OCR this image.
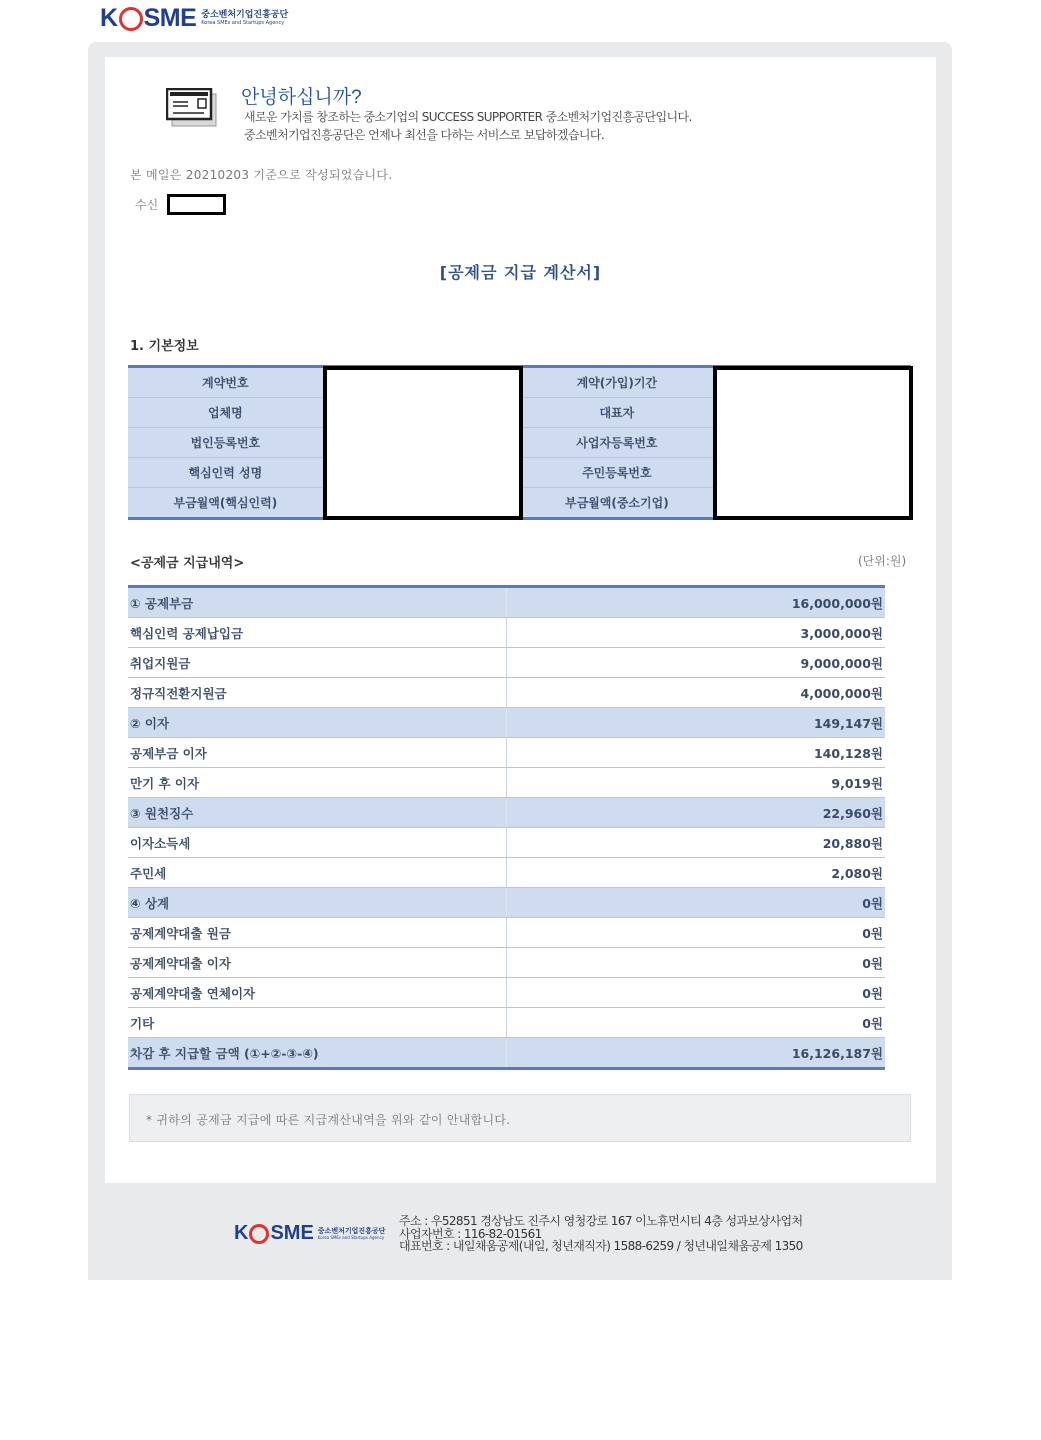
K SME 중소벤처기업진흥공단
Korea SMEs and Startups Agency
안녕하십니까?
새로운 가치를 창조하는 중소기업의 SUCCESS SUPPORTER 중소벤처기업진흥공단입니다.
중소벤처기업진흥공단은 언제나 최선을 다하는 서비스로 보답하겠습니다.
본 메일은 20210203 기준으로 작성되었습니다.
수신
[공제금 지급 계산서]
1. 기본정보
계약번호		계약(가입)기간	
업체명		대표자	
법인등록번호		사업자등록번호	
핵심인력 성명		주민등록번호	
부금월액(핵심인력)		부금월액(중소기업)	
<공제금 지급내역>	(단위:원)
① 공제부금	16,000,000원
핵심인력 공제납입금	3,000,000원
취업지원금	9,000,000원
정규직전환지원금	4,000,000원
② 이자	149,147원
공제부금 이자	140,128원
만기 후 이자	9,019원
③ 원천징수	22,960원
이자소득세	20,880원
주민세	2,080원
④ 상계	0원
공제계약대출 원금	0원
공제계약대출 이자	0원
공제계약대출 연체이자	0원
기타	0원
차감 후 지급할 금액 (①+②-③-④)	16,126,187원
* 귀하의 공제금 지급에 따른 지급계산내역을 위와 같이 안내합니다.
K SME 중소벤처기업진흥공단
Korea SMEs and Startups Agency
주소 : 우52851 경상남도 진주시 영청강로 167 이노휴먼시티 4층 성과보상사업처
사업자번호 : 116-82-01561
대표번호 : 내일채움공제(내일, 청년재직자) 1588-6259 / 청년내일채움공제 1350
